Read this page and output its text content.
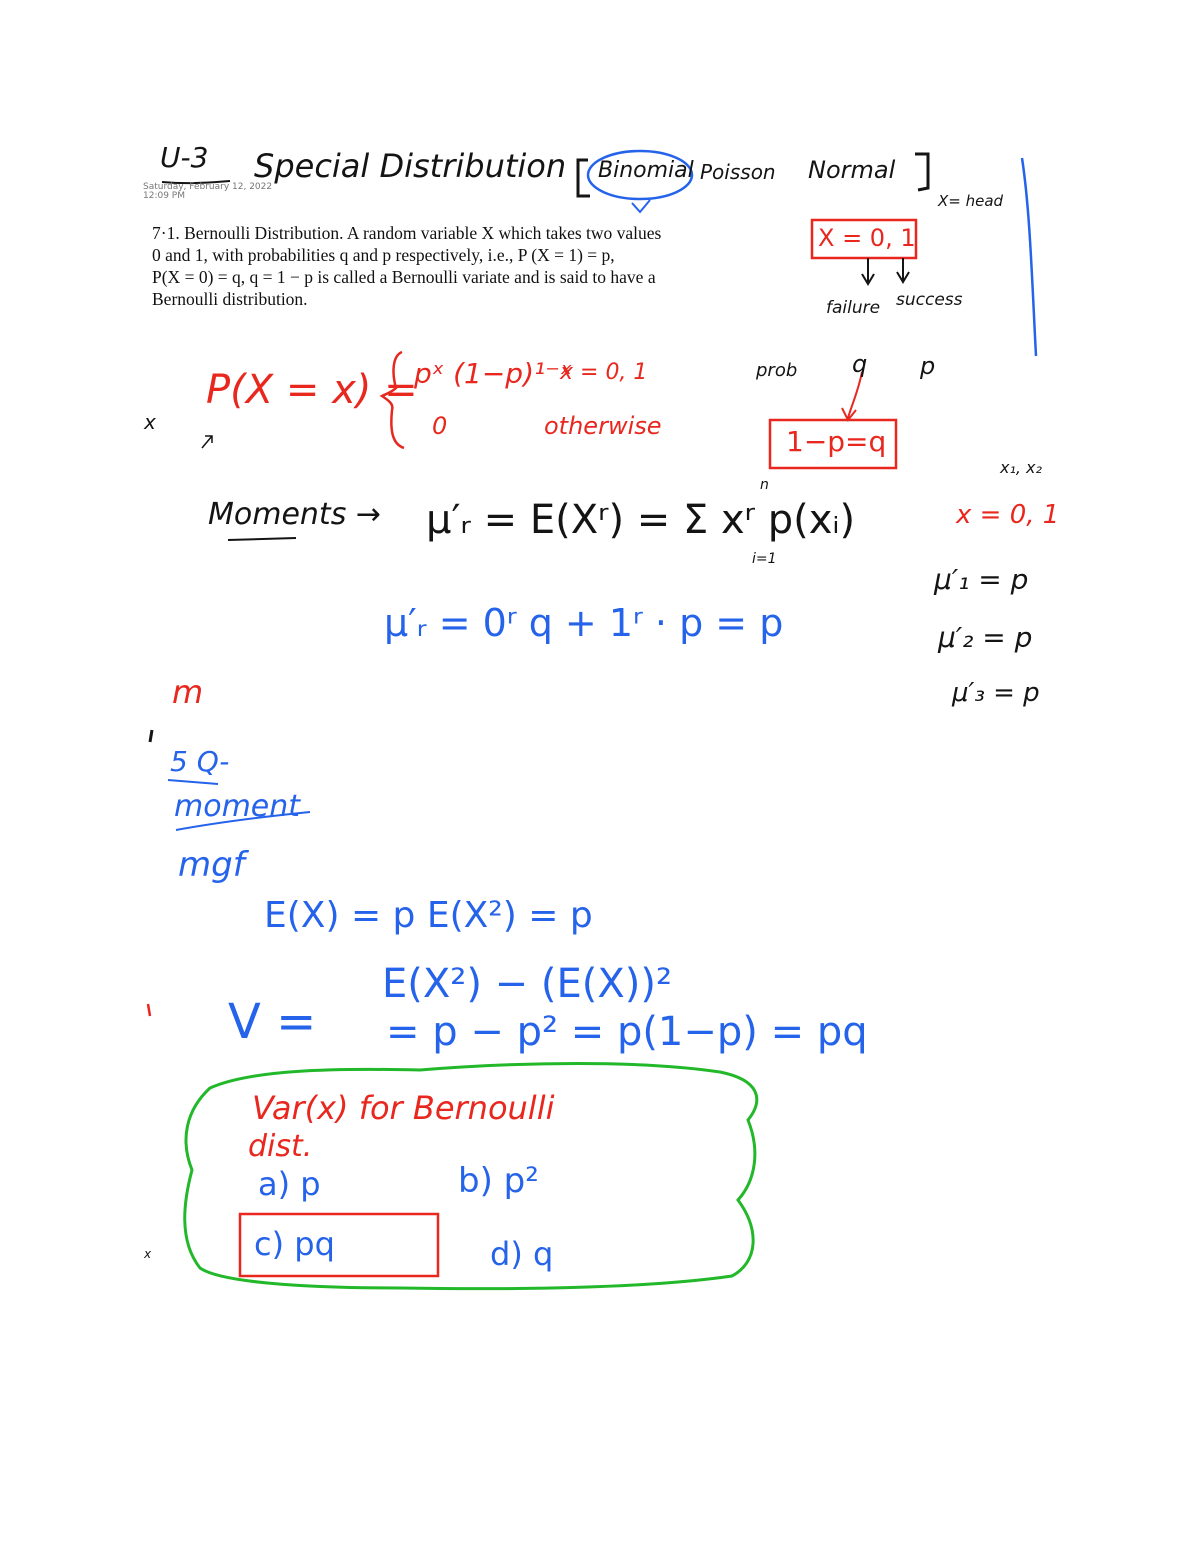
U-3
Saturday, February 12, 2022
12:09 PM
Special Distribution Binomial Poisson Normal
X= head
7·1. Bernoulli Distribution. A random variable X which takes two values
0 and 1, with probabilities q and p respectively, i.e., P (X = 1) = p,
P(X = 0) = q, q = 1 − p is called a Bernoulli variate and is said to have a
Bernoulli distribution.
X = 0, 1
failure success
prob q p
1−p=q
P(X = x) =
pˣ (1−p)¹⁻ˣ
x = 0, 1
0	otherwise
x
Moments → μ′ᵣ = E(Xʳ) = Σ xʳ p(xᵢ)
n
i=1
x₁, x₂
x = 0, 1
μ′ᵣ = 0ʳ q + 1ʳ · p = p
μ′₁ = p
μ′₂ = p
μ′₃ = p
m
5 Q-
moment
mgf
E(X) = p E(X²) = p
V =
E(X²) − (E(X))²
= p − p² = p(1−p) = pq
Var(x) for Bernoulli
dist.
a) p	b) p²
c) pq	d) q
x
